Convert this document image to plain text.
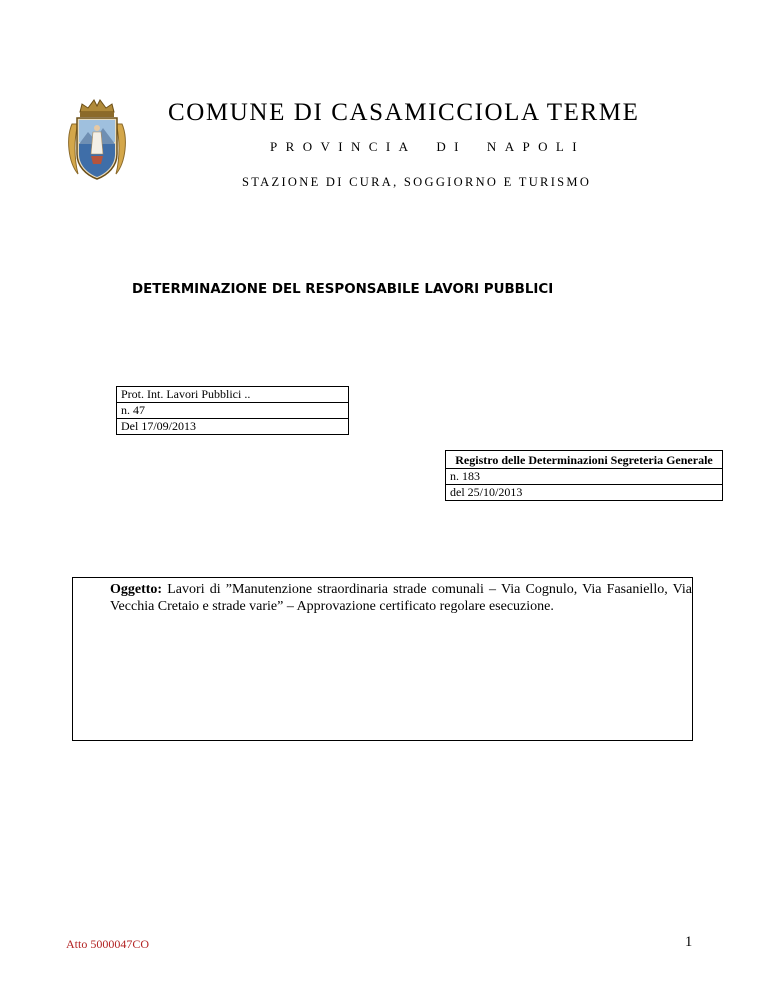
COMUNE DI CASAMICCIOLA TERME
PROVINCIA DI NAPOLI
STAZIONE DI CURA, SOGGIORNO E TURISMO
DETERMINAZIONE DEL RESPONSABILE LAVORI PUBBLICI
Prot. Int. Lavori Pubblici ..
n. 47
Del 17/09/2013
Registro delle Determinazioni Segreteria Generale
n. 183
del 25/10/2013

Oggetto: Lavori di ”Manutenzione straordinaria strade comunali – Via Cognulo, Via Fasaniello, Via Vecchia Cretaio e strade varie” – Approvazione certificato regolare esecuzione.

Atto 5000047CO	1
